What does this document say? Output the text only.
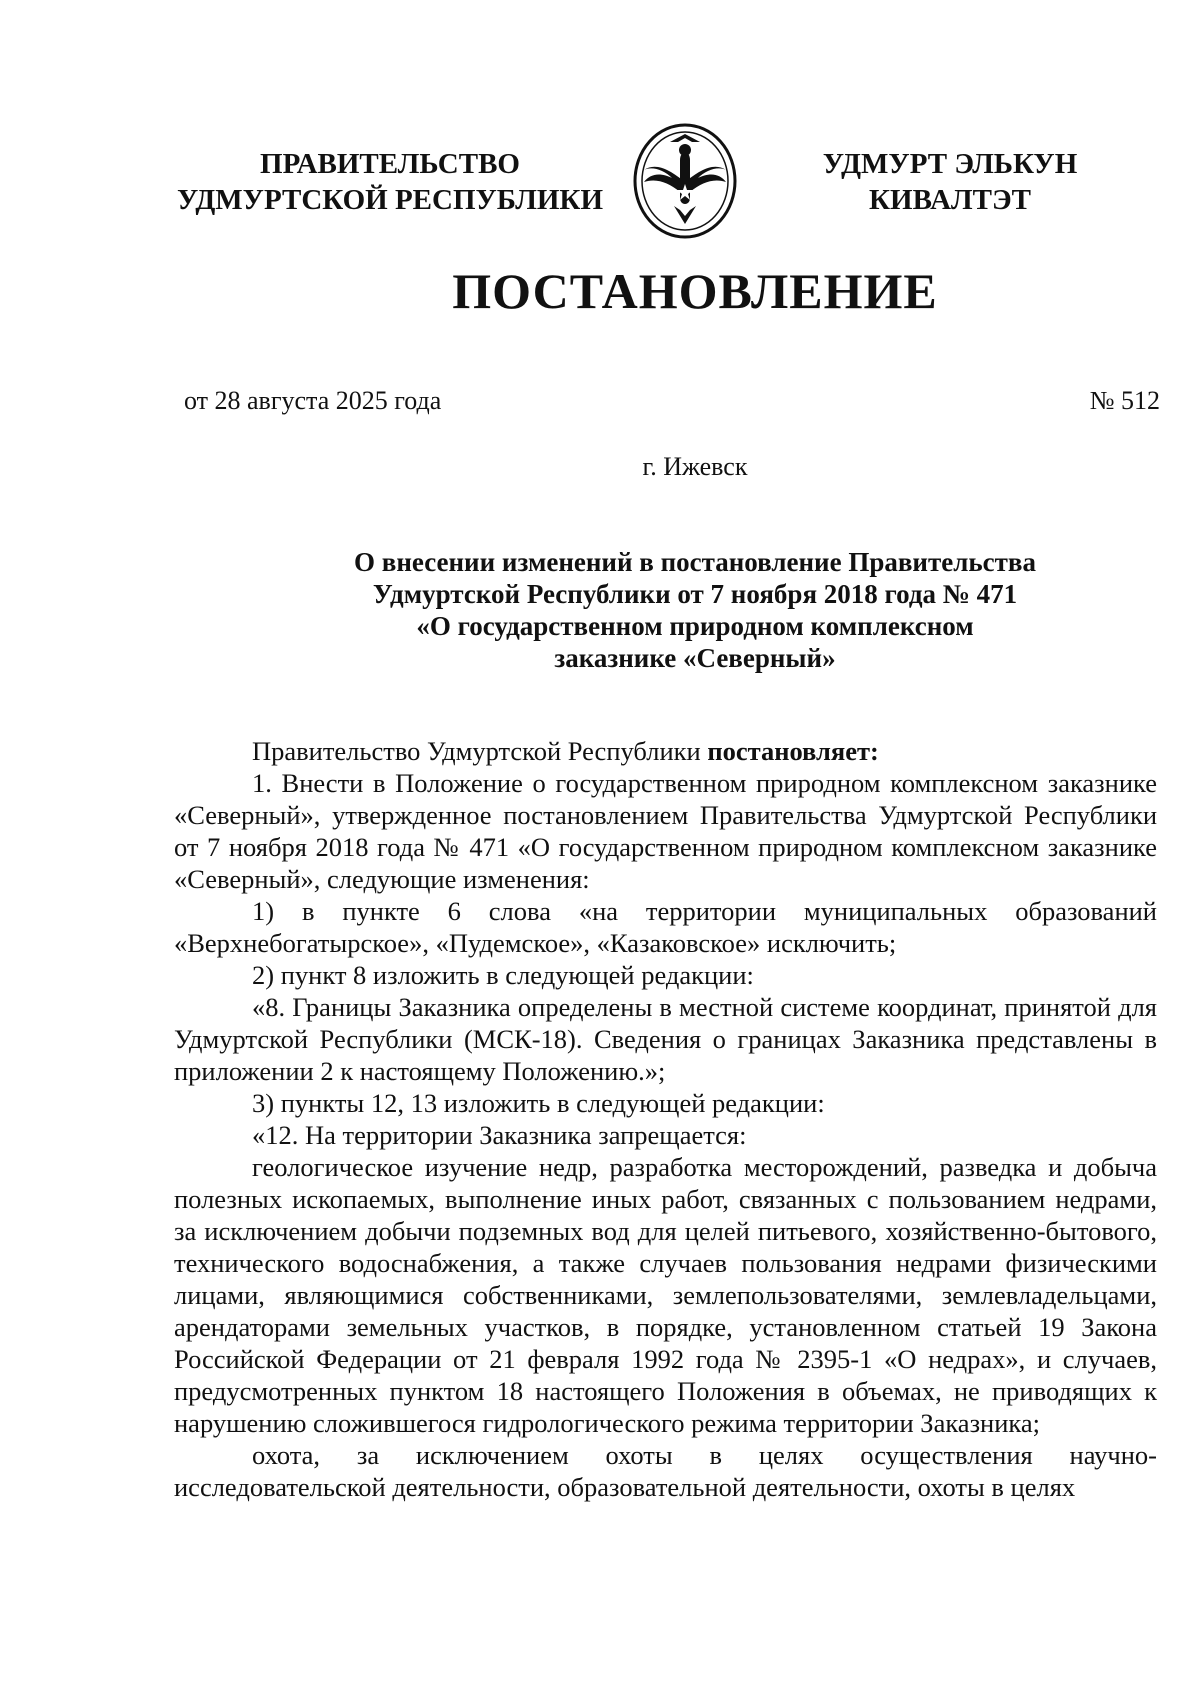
ПРАВИТЕЛЬСТВО
УДМУРТСКОЙ РЕСПУБЛИКИ
УДМУРТ ЭЛЬКУН
КИВАЛТЭТ
ПОСТАНОВЛЕНИЕ
от 28 августа 2025 года	№ 512
г. Ижевск
О внесении изменений в постановление Правительства
Удмуртской Республики от 7 ноября 2018 года № 471
«О государственном природном комплексном
заказнике «Северный»

Правительство Удмуртской Республики постановляет:

1. Внести в Положение о государственном природном комплексном заказнике «Северный», утвержденное постановлением Правительства Удмуртской Республики от 7 ноября 2018 года № 471 «О государственном природном комплексном заказнике «Северный», следующие изменения:

1) в пункте 6 слова «на территории муниципальных образований «Верхнебогатырское», «Пудемское», «Казаковское» исключить;

2) пункт 8 изложить в следующей редакции:

«8. Границы Заказника определены в местной системе координат, принятой для Удмуртской Республики (МСК-18). Сведения о границах Заказника представлены в приложении 2 к настоящему Положению.»;

3) пункты 12, 13 изложить в следующей редакции:

«12. На территории Заказника запрещается:

геологическое изучение недр, разработка месторождений, разведка и добыча полезных ископаемых, выполнение иных работ, связанных с пользованием недрами, за исключением добычи подземных вод для целей питьевого, хозяйственно-бытового, технического водоснабжения, а также случаев пользования недрами физическими лицами, являющимися собственниками, землепользователями, землевладельцами, арендаторами земельных участков, в порядке, установленном статьей 19 Закона Российской Федерации от 21 февраля 1992 года № 2395-1 «О недрах», и случаев, предусмотренных пунктом 18 настоящего Положения в объемах, не приводящих к нарушению сложившегося гидрологического режима территории Заказника;

охота, за исключением охоты в целях осуществления научно-исследовательской деятельности, образовательной деятельности, охоты в целях
